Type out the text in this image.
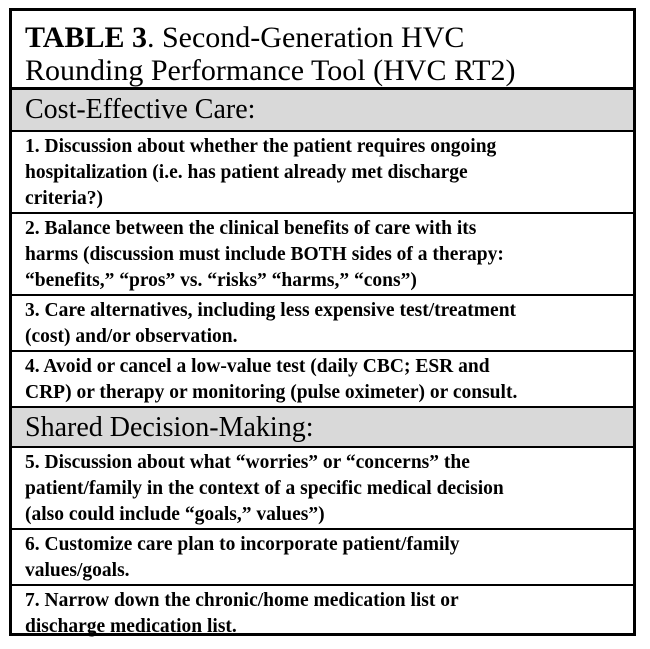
TABLE 3. Second-Generation HVC
Rounding Performance Tool (HVC RT2)
Cost-Effective Care:
1. Discussion about whether the patient requires ongoing
hospitalization (i.e. has patient already met discharge
criteria?)
2. Balance between the clinical benefits of care with its
harms (discussion must include BOTH sides of a therapy:
“benefits,” “pros” vs. “risks” “harms,” “cons”)
3. Care alternatives, including less expensive test/treatment
(cost) and/or observation.
4. Avoid or cancel a low-value test (daily CBC; ESR and
CRP) or therapy or monitoring (pulse oximeter) or consult.
Shared Decision-Making:
5. Discussion about what “worries” or “concerns” the
patient/family in the context of a specific medical decision
(also could include “goals,” values”)
6. Customize care plan to incorporate patient/family
values/goals.
7. Narrow down the chronic/home medication list or
discharge medication list.
